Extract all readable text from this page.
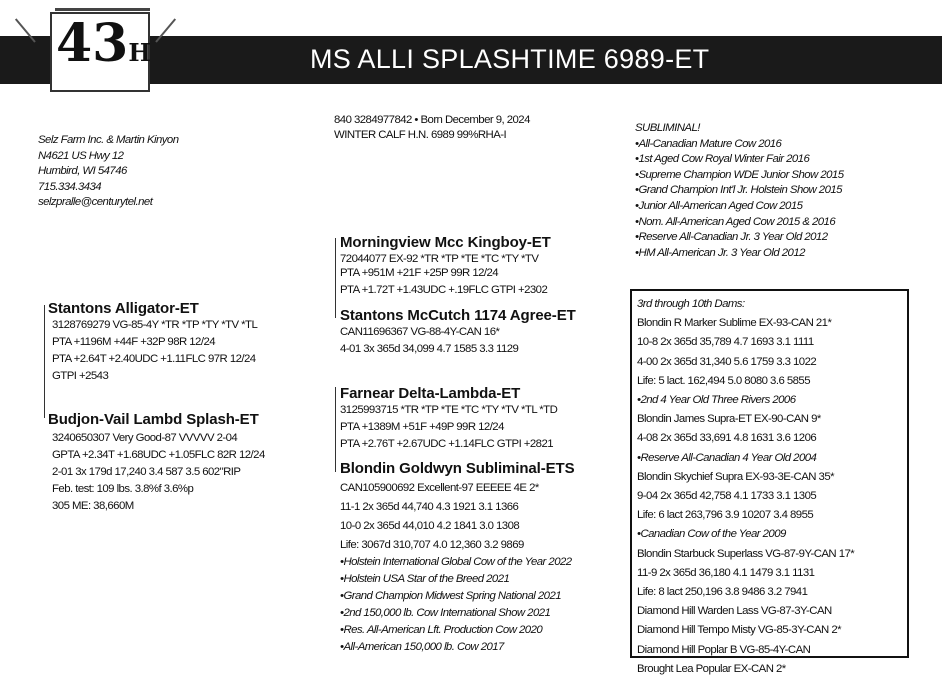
43H	MS ALLI SPLASHTIME 6989-ET
Selz Farm Inc. & Martin Kinyon
N4621 US Hwy 12
Humbird, WI 54746
715.334.3434
selzpralle@centurytel.net
840 3284977842 • Born December 9, 2024
WINTER CALF H.N. 6989 99%RHA-I
Morningview Mcc Kingboy-ET
72044077 EX-92 *TR *TP *TE *TC *TY *TV
PTA +951M +21F +25P 99R 12/24
PTA +1.72T +1.43UDC +.19FLC GTPI +2302
Stantons McCutch 1174 Agree-ET
CAN11696367 VG-88-4Y-CAN 16*
4-01 3x 365d 34,099 4.7 1585 3.3 1129
Stantons Alligator-ET
3128769279 VG-85-4Y *TR *TP *TY *TV *TL
PTA +1196M +44F +32P 98R 12/24
PTA +2.64T +2.40UDC +1.11FLC 97R 12/24
GTPI +2543
Budjon-Vail Lambd Splash-ET
3240650307 Very Good-87 VVVVV 2-04
GPTA +2.34T +1.68UDC +1.05FLC 82R 12/24
2-01 3x 179d 17,240 3.4 587 3.5 602"RIP
Feb. test: 109 lbs. 3.8%f 3.6%p
305 ME: 38,660M
Farnear Delta-Lambda-ET
3125993715 *TR *TP *TE *TC *TY *TV *TL *TD
PTA +1389M +51F +49P 99R 12/24
PTA +2.76T +2.67UDC +1.14FLC GTPI +2821
Blondin Goldwyn Subliminal-ETS
CAN105900692 Excellent-97 EEEEE 4E 2*
11-1 2x 365d 44,740 4.3 1921 3.1 1366
10-0 2x 365d 44,010 4.2 1841 3.0 1308
Life: 3067d 310,707 4.0 12,360 3.2 9869
•Holstein International Global Cow of the Year 2022
•Holstein USA Star of the Breed 2021
•Grand Champion Midwest Spring National 2021
•2nd 150,000 lb. Cow International Show 2021
•Res. All-American Lft. Production Cow 2020
•All-American 150,000 lb. Cow 2017
SUBLIMINAL!
•All-Canadian Mature Cow 2016
•1st Aged Cow Royal Winter Fair 2016
•Supreme Champion WDE Junior Show 2015
•Grand Champion Int'l Jr. Holstein Show 2015
•Junior All-American Aged Cow 2015
•Nom. All-American Aged Cow 2015 & 2016
•Reserve All-Canadian Jr. 3 Year Old 2012
•HM All-American Jr. 3 Year Old 2012
3rd through 10th Dams:
Blondin R Marker Sublime EX-93-CAN 21*
10-8 2x 365d 35,789 4.7 1693 3.1 1111
4-00 2x 365d 31,340 5.6 1759 3.3 1022
Life: 5 lact. 162,494 5.0 8080 3.6 5855
•2nd 4 Year Old Three Rivers 2006
Blondin James Supra-ET EX-90-CAN 9*
4-08 2x 365d 33,691 4.8 1631 3.6 1206
•Reserve All-Canadian 4 Year Old 2004
Blondin Skychief Supra EX-93-3E-CAN 35*
9-04 2x 365d 42,758 4.1 1733 3.1 1305
Life: 6 lact 263,796 3.9 10207 3.4 8955
•Canadian Cow of the Year 2009
Blondin Starbuck Superlass VG-87-9Y-CAN 17*
11-9 2x 365d 36,180 4.1 1479 3.1 1131
Life: 8 lact 250,196 3.8 9486 3.2 7941
Diamond Hill Warden Lass VG-87-3Y-CAN
Diamond Hill Tempo Misty VG-85-3Y-CAN 2*
Diamond Hill Poplar B VG-85-4Y-CAN
Brought Lea Popular EX-CAN 2*
